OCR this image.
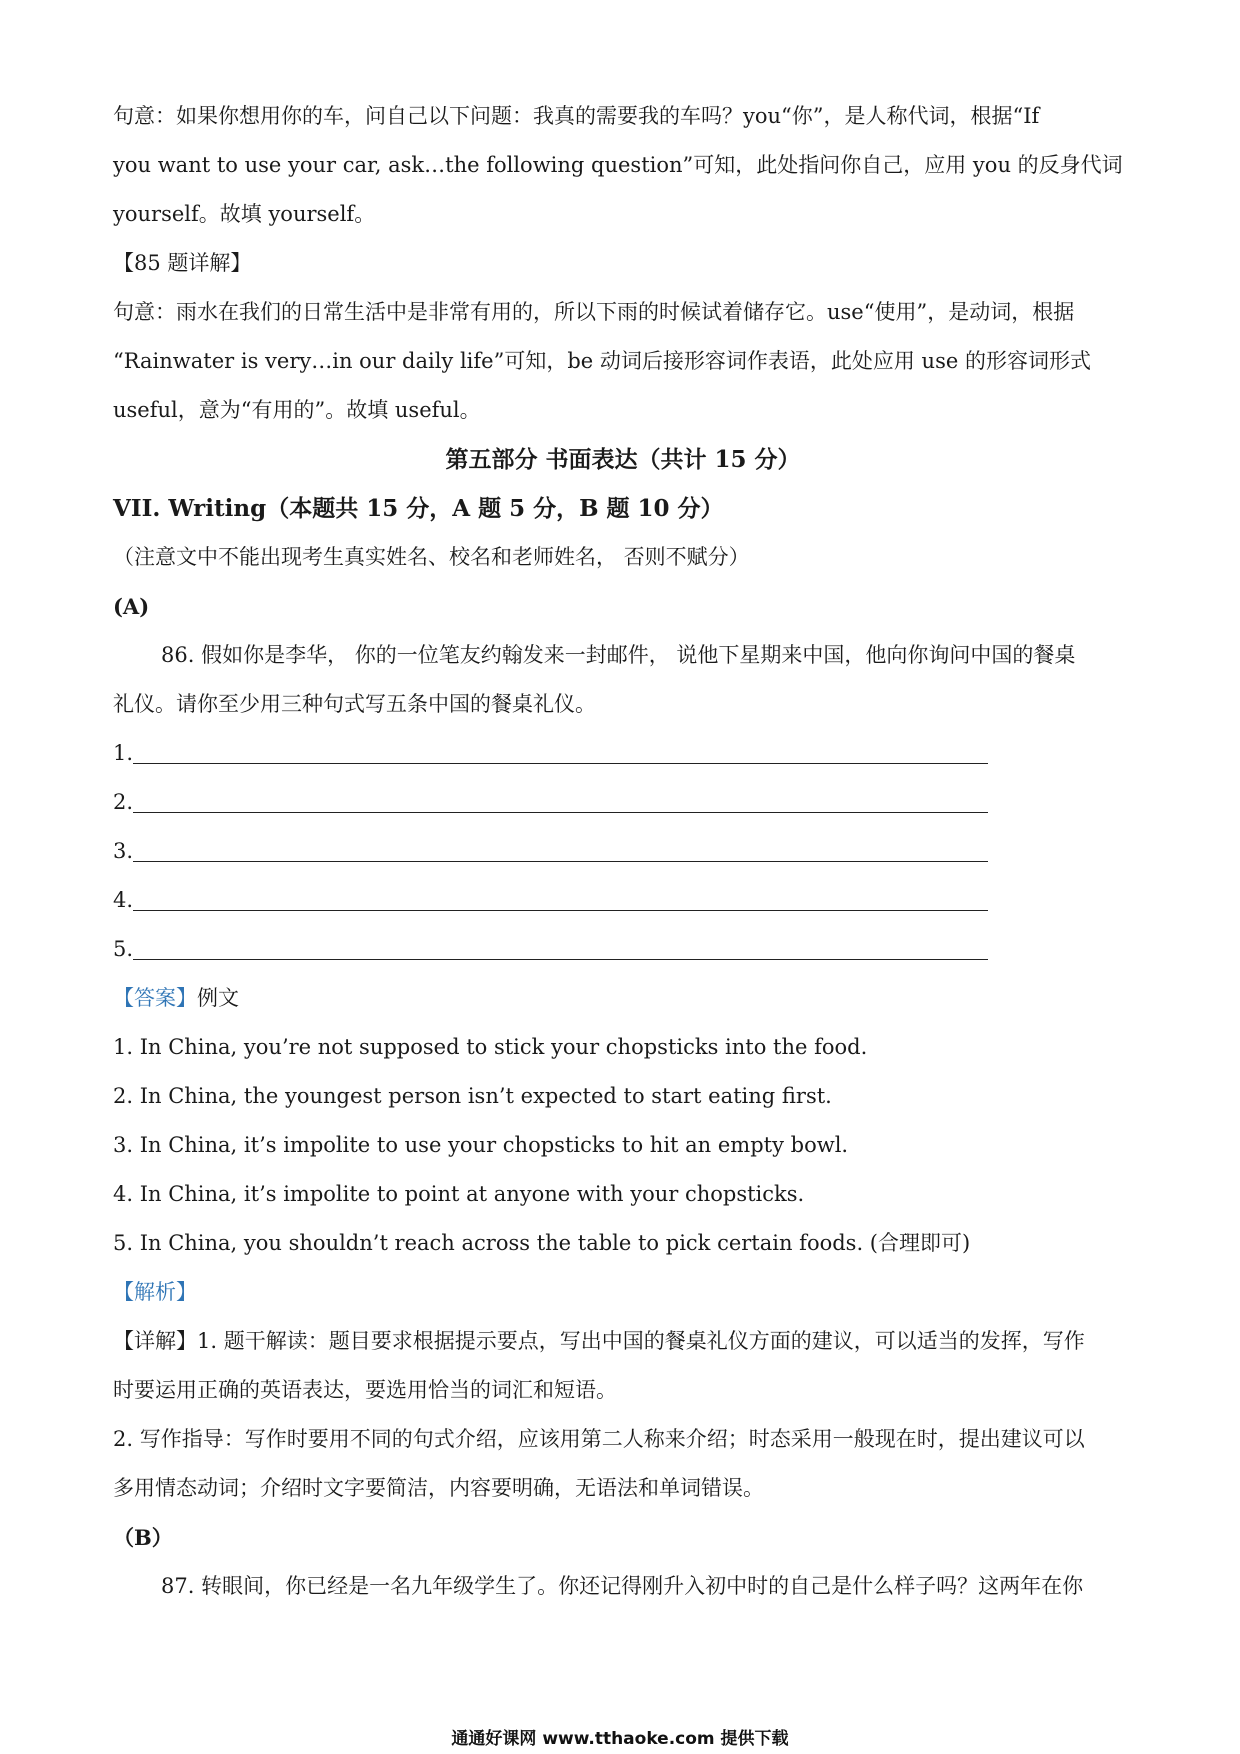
句意：如果你想用你的车，问自己以下问题：我真的需要我的车吗？you“你”，是人称代词，根据“If
you want to use your car, ask…the following question”可知，此处指问你自己，应用 you 的反身代词
yourself。故填 yourself。
【85 题详解】
句意：雨水在我们的日常生活中是非常有用的，所以下雨的时候试着储存它。use“使用”，是动词，根据
“Rainwater is very…in our daily life”可知，be 动词后接形容词作表语，此处应用 use 的形容词形式
useful，意为“有用的”。故填 useful。
第五部分 书面表达（共计 15 分）
VII. Writing（本题共 15 分，A 题 5 分，B 题 10 分）
（注意文中不能出现考生真实姓名、校名和老师姓名， 否则不赋分）
(A)
86. 假如你是李华， 你的一位笔友约翰发来一封邮件， 说他下星期来中国，他向你询问中国的餐桌
礼仪。请你至少用三种句式写五条中国的餐桌礼仪。
1.
2.
3.
4.
5.
【答案】例文
1. In China, you’re not supposed to stick your chopsticks into the food.
2. In China, the youngest person isn’t expected to start eating first.
3. In China, it’s impolite to use your chopsticks to hit an empty bowl.
4. In China, it’s impolite to point at anyone with your chopsticks.
5. In China, you shouldn’t reach across the table to pick certain foods. (合理即可)
【解析】
【详解】1. 题干解读：题目要求根据提示要点，写出中国的餐桌礼仪方面的建议，可以适当的发挥，写作
时要运用正确的英语表达，要选用恰当的词汇和短语。
2. 写作指导：写作时要用不同的句式介绍，应该用第二人称来介绍；时态采用一般现在时，提出建议可以
多用情态动词；介绍时文字要简洁，内容要明确，无语法和单词错误。
（B）
87. 转眼间，你已经是一名九年级学生了。你还记得刚升入初中时的自己是什么样子吗？这两年在你
通通好课网 www.tthaoke.com 提供下载
